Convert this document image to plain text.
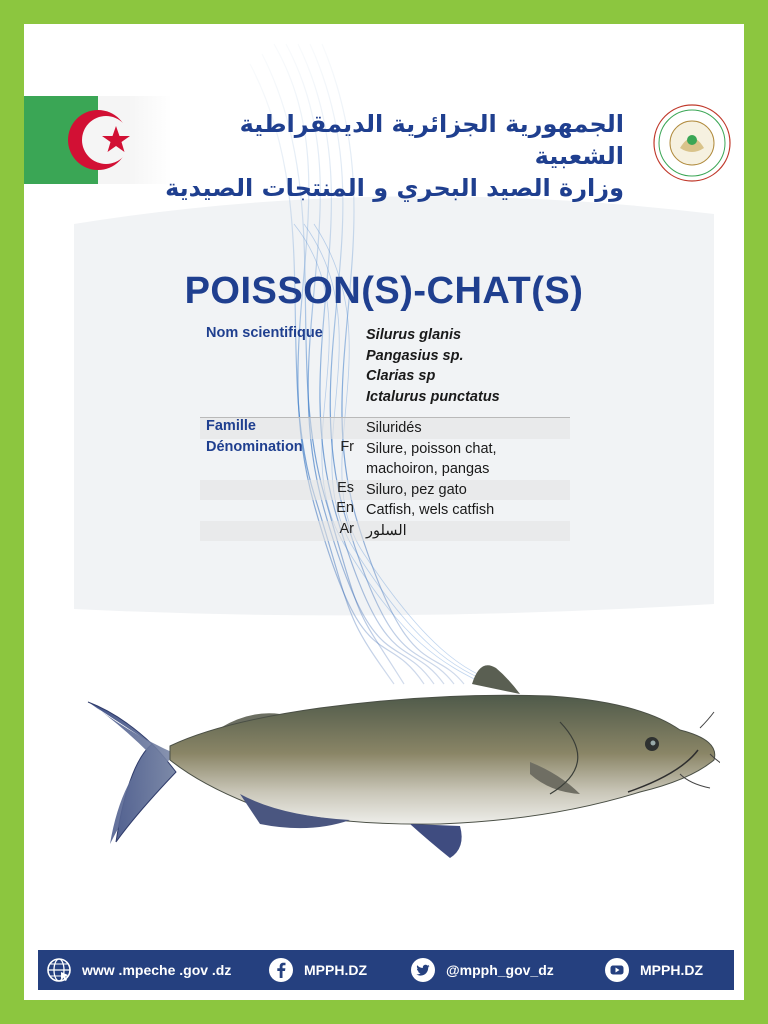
الجمهورية الجزائرية الديمقراطية الشعبية
وزارة الصيد البحري و المنتجات الصيدية
POISSON(S)-CHAT(S)
Nom scientifique	Silurus glanis
Pangasius sp.
Clarias sp
Ictalurus punctatus
Famille	Siluridés
Dénomination	Fr Silure, poisson chat, machoiron, pangas
Es Siluro, pez gato
En Catfish, wels catfish
Ar السلور
www .mpeche .gov .dz	MPPH.DZ	@mpph_gov_dz	MPPH.DZ
